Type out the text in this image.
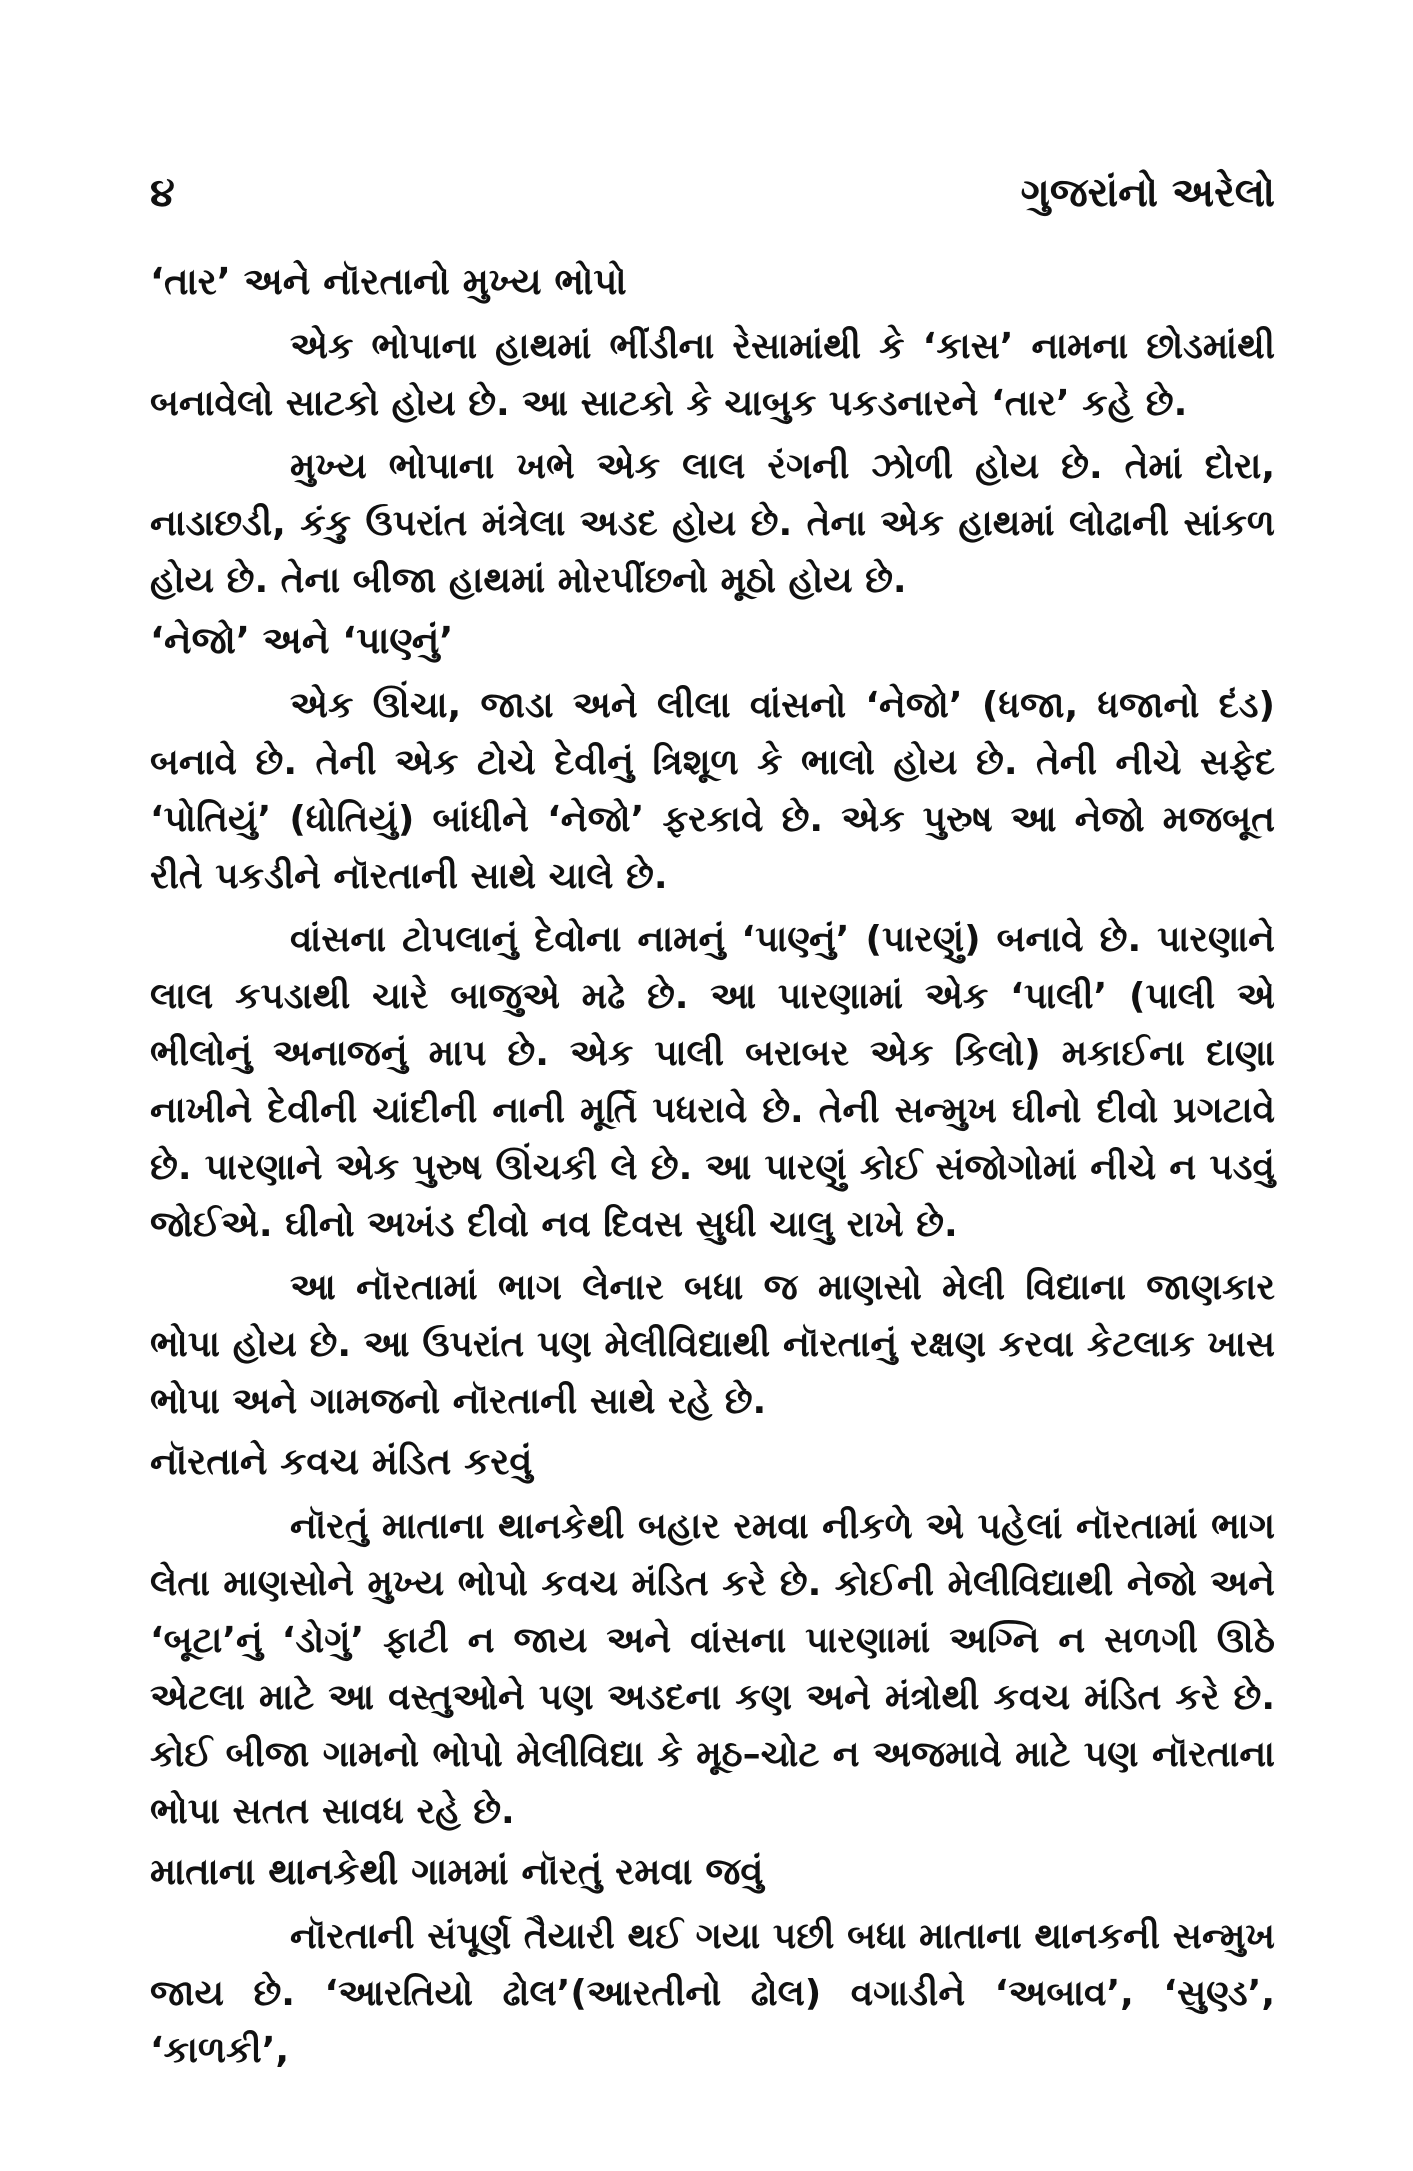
૪	ગુજરાંનો અરેલો
‘તાર’ અને નૉરતાનો મુખ્ય ભોપો

એક ભોપાના હાથમાં ભીંડીના રેસામાંથી કે ‘કાસ’ નામના છોડમાંથી બનાવેલો સાટકો હોય છે. આ સાટકો કે ચાબુક પકડનારને ‘તાર’ કહે છે.

મુખ્ય ભોપાના ખભે એક લાલ રંગની ઝોળી હોય છે. તેમાં દોરા, નાડાછડી, કંકુ ઉપરાંત મંત્રેલા અડદ હોય છે. તેના એક હાથમાં લોઢાની સાંકળ હોય છે. તેના બીજા હાથમાં મોરપીંછનો મૂઠો હોય છે.

‘નેજો’ અને ‘પાણ્નું’

એક ઊંચા, જાડા અને લીલા વાંસનો ‘નેજો’ (ધજા, ધજાનો દંડ) બનાવે છે. તેની એક ટોચે દેવીનું ત્રિશૂળ કે ભાલો હોય છે. તેની નીચે સફેદ ‘પોતિયું’ (ધોતિયું) બાંધીને ‘નેજો’ ફરકાવે છે. એક પુરુષ આ નેજો મજબૂત રીતે પકડીને નૉરતાની સાથે ચાલે છે.

વાંસના ટોપલાનું દેવોના નામનું ‘પાણ્નું’ (પારણું) બનાવે છે. પારણાને લાલ કપડાથી ચારે બાજુએ મઢે છે. આ પારણામાં એક ‘પાલી’ (પાલી એ ભીલોનું અનાજનું માપ છે. એક પાલી બરાબર એક કિલો) મકાઈના દાણા નાખીને દેવીની ચાંદીની નાની મૂર્તિ પધરાવે છે. તેની સન્મુખ ઘીનો દીવો પ્રગટાવે છે. પારણાને એક પુરુષ ઊંચકી લે છે. આ પારણું કોઈ સંજોગોમાં નીચે ન પડવું જોઈએ. ઘીનો અખંડ દીવો નવ દિવસ સુધી ચાલુ રાખે છે.

આ નૉરતામાં ભાગ લેનાર બધા જ માણસો મેલી વિદ્યાના જાણકાર ભોપા હોય છે. આ ઉપરાંત પણ મેલીવિદ્યાથી નૉરતાનું રક્ષણ કરવા કેટલાક ખાસ ભોપા અને ગામજનો નૉરતાની સાથે રહે છે.

નૉરતાને કવચ મંડિત કરવું

નૉરતું માતાના થાનકેથી બહાર રમવા નીકળે એ પહેલાં નૉરતામાં ભાગ લેતા માણસોને મુખ્ય ભોપો કવચ મંડિત કરે છે. કોઈની મેલીવિદ્યાથી નેજો અને ‘બૂટા’નું ‘ડોગું’ ફાટી ન જાય અને વાંસના પારણામાં અગ્નિ ન સળગી ઊઠે એટલા માટે આ વસ્તુઓને પણ અડદના કણ અને મંત્રોથી કવચ મંડિત કરે છે. કોઈ બીજા ગામનો ભોપો મેલીવિદ્યા કે મૂઠ–ચોટ ન અજમાવે માટે પણ નૉરતાના ભોપા સતત સાવધ રહે છે.

માતાના થાનકેથી ગામમાં નૉરતું રમવા જવું

નૉરતાની સંપૂર્ણ તૈયારી થઈ ગયા પછી બધા માતાના થાનકની સન્મુખ જાય છે. ‘આરતિયો ઢોલ’(આરતીનો ઢોલ) વગાડીને ‘અબાવ’, ‘સુણ્ડ’, ‘કાળકી’,
